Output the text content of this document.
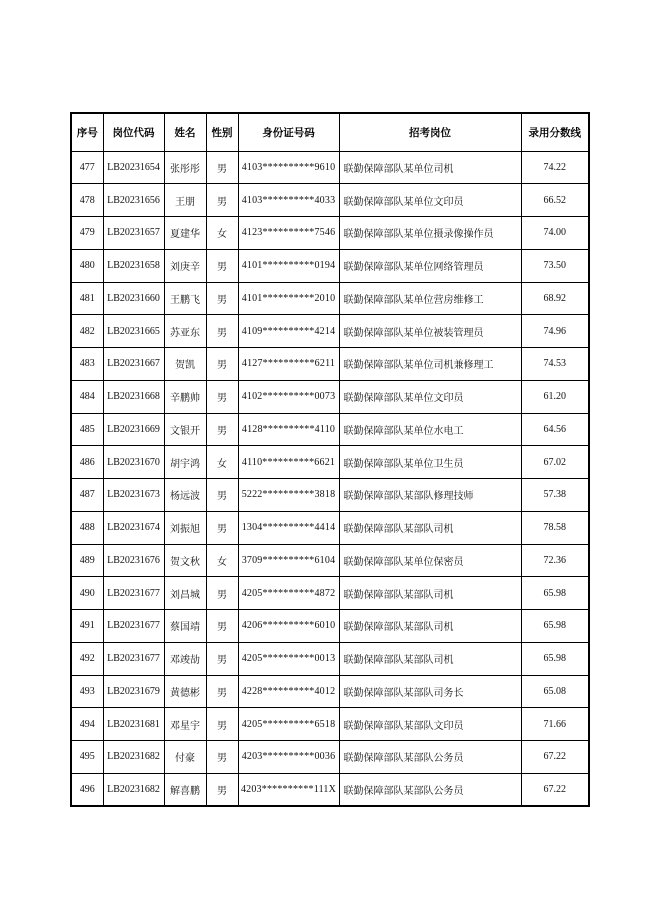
序号	岗位代码	姓名	性别	身份证号码	招考岗位	录用分数线
477	LB20231654	张彤彤	男	4103**********9610	联勤保障部队某单位司机	74.22
478	LB20231656	王朋	男	4103**********4033	联勤保障部队某单位文印员	66.52
479	LB20231657	夏建华	女	4123**********7546	联勤保障部队某单位摄录像操作员	74.00
480	LB20231658	刘庚辛	男	4101**********0194	联勤保障部队某单位网络管理员	73.50
481	LB20231660	王鹏飞	男	4101**********2010	联勤保障部队某单位营房维修工	68.92
482	LB20231665	苏亚东	男	4109**********4214	联勤保障部队某单位被装管理员	74.96
483	LB20231667	贺凯	男	4127**********6211	联勤保障部队某单位司机兼修理工	74.53
484	LB20231668	辛鹏帅	男	4102**********0073	联勤保障部队某单位文印员	61.20
485	LB20231669	文银开	男	4128**********4110	联勤保障部队某单位水电工	64.56
486	LB20231670	胡宇鸿	女	4110**********6621	联勤保障部队某单位卫生员	67.02
487	LB20231673	杨远波	男	5222**********3818	联勤保障部队某部队修理技师	57.38
488	LB20231674	刘振旭	男	1304**********4414	联勤保障部队某部队司机	78.58
489	LB20231676	贺文秋	女	3709**********6104	联勤保障部队某单位保密员	72.36
490	LB20231677	刘昌城	男	4205**********4872	联勤保障部队某部队司机	65.98
491	LB20231677	蔡国靖	男	4206**********6010	联勤保障部队某部队司机	65.98
492	LB20231677	邓竣劼	男	4205**********0013	联勤保障部队某部队司机	65.98
493	LB20231679	黄德彬	男	4228**********4012	联勤保障部队某部队司务长	65.08
494	LB20231681	邓星宇	男	4205**********6518	联勤保障部队某部队文印员	71.66
495	LB20231682	付豪	男	4203**********0036	联勤保障部队某部队公务员	67.22
496	LB20231682	解喜鹏	男	4203**********111X	联勤保障部队某部队公务员	67.22
